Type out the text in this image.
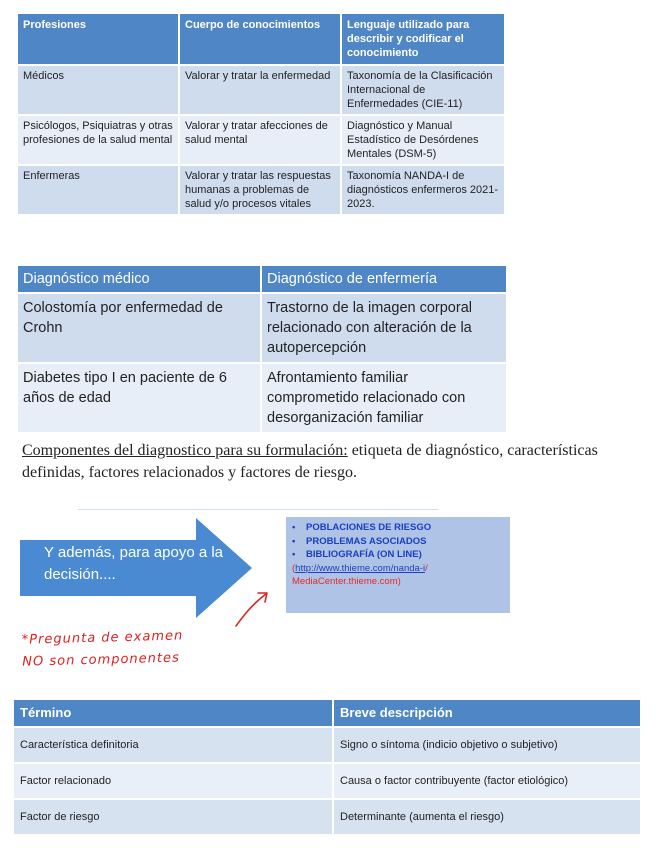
Profesiones	Cuerpo de conocimientos	Lenguaje utilizado para describir y codificar el conocimiento
Médicos	Valorar y tratar la enfermedad	Taxonomía de la Clasificación Internacional de Enfermedades (CIE-11)
Psicólogos, Psiquiatras y otras profesiones de la salud mental	Valorar y tratar afecciones de salud mental	Diagnóstico y Manual Estadístico de Desórdenes Mentales (DSM-5)
Enfermeras	Valorar y tratar las respuestas humanas a problemas de salud y/o procesos vitales	Taxonomía NANDA-I de diagnósticos enfermeros 2021-2023.
Diagnóstico médico	Diagnóstico de enfermería
Colostomía por enfermedad de Crohn	Trastorno de la imagen corporal relacionado con alteración de la autopercepción
Diabetes tipo I en paciente de 6 años de edad	Afrontamiento familiar comprometido relacionado con desorganización familiar
Componentes del diagnostico para su formulación: etiqueta de diagnóstico, características definidas, factores relacionados y factores de riesgo.
Y además, para apoyo a la decisión....
• POBLACIONES DE RIESGO
• PROBLEMAS ASOCIADOS
• BIBLIOGRAFÍA (ON LINE)
(http://www.thieme.com/nanda-i/
MediaCenter.thieme.com)
*Pregunta de examen
NO son componentes
Término	Breve descripción
Característica definitoria	Signo o síntoma (indicio objetivo o subjetivo)
Factor relacionado	Causa o factor contribuyente (factor etiológico)
Factor de riesgo	Determinante (aumenta el riesgo)
